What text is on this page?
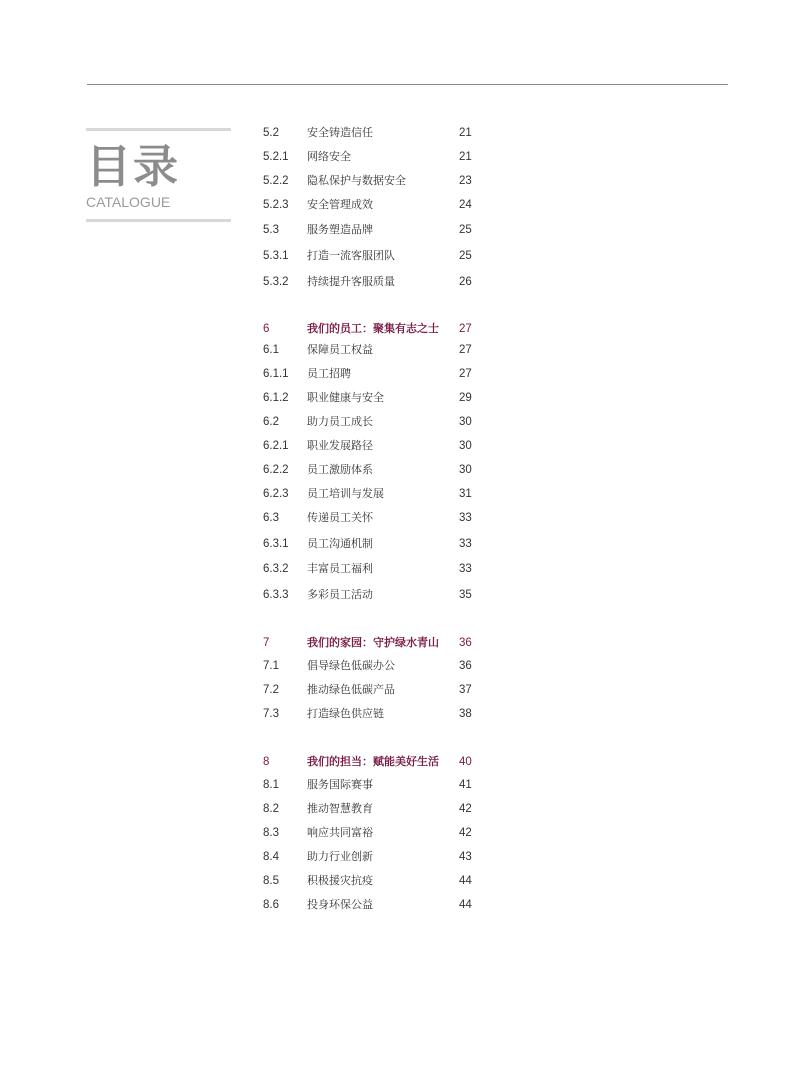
目录
CATALOGUE
5.2	安全铸造信任	21
5.2.1 网络安全	21
5.2.2 隐私保护与数据安全	23
5.2.3 安全管理成效	24
5.3	服务塑造品牌	25
5.3.1 打造一流客服团队	25
5.3.2 持续提升客服质量	26
6	我们的员工：聚集有志之士 27
6.1	保障员工权益	27
6.1.1 员工招聘	27
6.1.2 职业健康与安全	29
6.2	助力员工成长	30
6.2.1 职业发展路径	30
6.2.2 员工激励体系	30
6.2.3 员工培训与发展	31
6.3	传递员工关怀	33
6.3.1 员工沟通机制	33
6.3.2 丰富员工福利	33
6.3.3 多彩员工活动	35
7	我们的家园：守护绿水青山 36
7.1	倡导绿色低碳办公	36
7.2	推动绿色低碳产品	37
7.3	打造绿色供应链	38
8	我们的担当：赋能美好生活 40
8.1	服务国际赛事	41
8.2	推动智慧教育	42
8.3	响应共同富裕	42
8.4	助力行业创新	43
8.5	积极援灾抗疫	44
8.6	投身环保公益	44
